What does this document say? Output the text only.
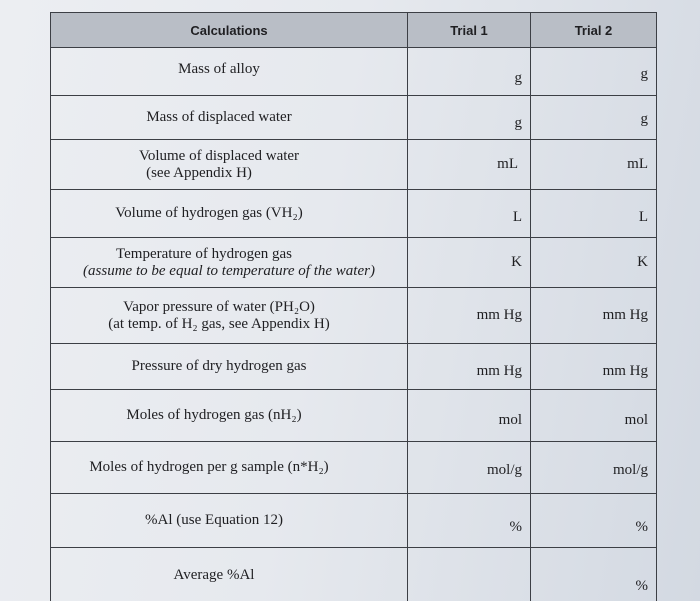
Calculations	Trial 1	Trial 2

Mass of alloy	g	g

Mass of displaced water	g	g

Volume of displaced water
(see Appendix H)	mL	mL

Volume of hydrogen gas (VH₂)	L	L

Temperature of hydrogen gas
(assume to be equal to temperature of the water)	K	K

Vapor pressure of water (PH₂O)
(at temp. of H₂ gas, see Appendix H)	mm Hg	mm Hg

Pressure of dry hydrogen gas	mm Hg	mm Hg

Moles of hydrogen gas (nH₂)	mol	mol

Moles of hydrogen per g sample (n*H₂)	mol/g	mol/g

%Al (use Equation 12)	%	%

Average %Al		%
